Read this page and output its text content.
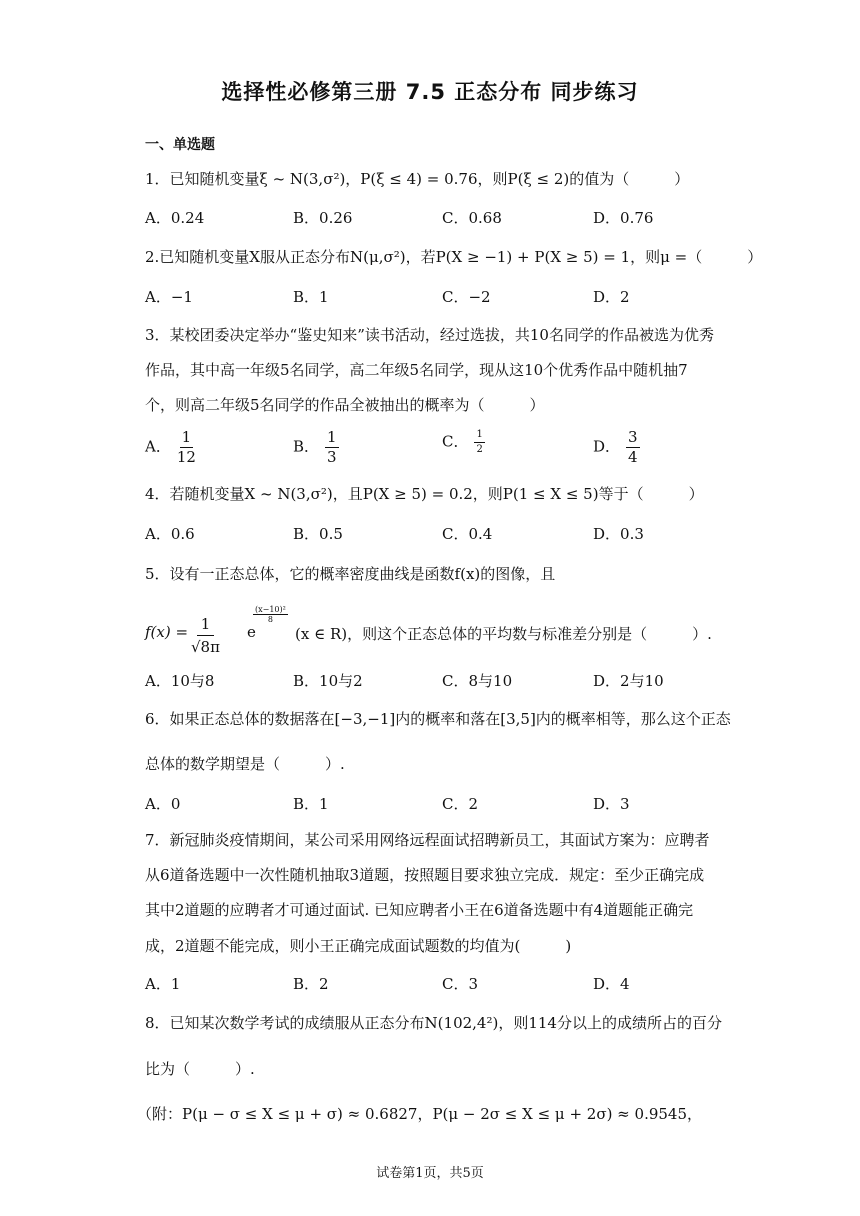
选择性必修第三册 7.5 正态分布 同步练习
一、单选题
1．已知随机变量ξ ~ N(3,σ²)，P(ξ ≤ 4) = 0.76，则P(ξ ≤ 2)的值为（　　　）
A．0.24	B．0.26	C．0.68	D．0.76
2.已知随机变量X服从正态分布N(μ,σ²)，若P(X ≥ −1) + P(X ≥ 5) = 1，则μ =（　　　）
A．−1	B．1	C．−2	D．2
3．某校团委决定举办“鉴史知来”读书活动，经过选拔，共10名同学的作品被选为优秀
作品，其中高一年级5名同学，高二年级5名同学，现从这10个优秀作品中随机抽7
个，则高二年级5名同学的作品全被抽出的概率为（　　　）
A． $\frac{1}{12}$	B． $\frac{1}{3}$	C． $\frac{1}{2}$	D． $\frac{3}{4}$
4．若随机变量X ~ N(3,σ²)，且P(X ≥ 5) = 0.2，则P(1 ≤ X ≤ 5)等于（　　　）
A．0.6	B．0.5	C．0.4	D．0.3
5．设有一正态总体，它的概率密度曲线是函数f(x)的图像，且
$f(x) = \frac{1}{√8\pi}$ e
(x−10)²
8
(x ∈ R)，则这个正态总体的平均数与标准差分别是（　　　）.
A．10与8	B．10与2	C．8与10	D．2与10
6．如果正态总体的数据落在[−3,−1]内的概率和落在[3,5]内的概率相等，那么这个正态
总体的数学期望是（　　　）.
A．0	B．1	C．2	D．3
7．新冠肺炎疫情期间，某公司采用网络远程面试招聘新员工，其面试方案为：应聘者
从6道备选题中一次性随机抽取3道题，按照题目要求独立完成．规定：至少正确完成
其中2道题的应聘者才可通过面试. 已知应聘者小王在6道备选题中有4道题能正确完
成，2道题不能完成，则小王正确完成面试题数的均值为(　　　)
A．1	B．2	C．3	D．4
8．已知某次数学考试的成绩服从正态分布N(102,4²)，则114分以上的成绩所占的百分
比为（　　　）.
（附：P(μ − σ ≤ X ≤ μ + σ) ≈ 0.6827，P(μ − 2σ ≤ X ≤ μ + 2σ) ≈ 0.9545，
试卷第1页，共5页
